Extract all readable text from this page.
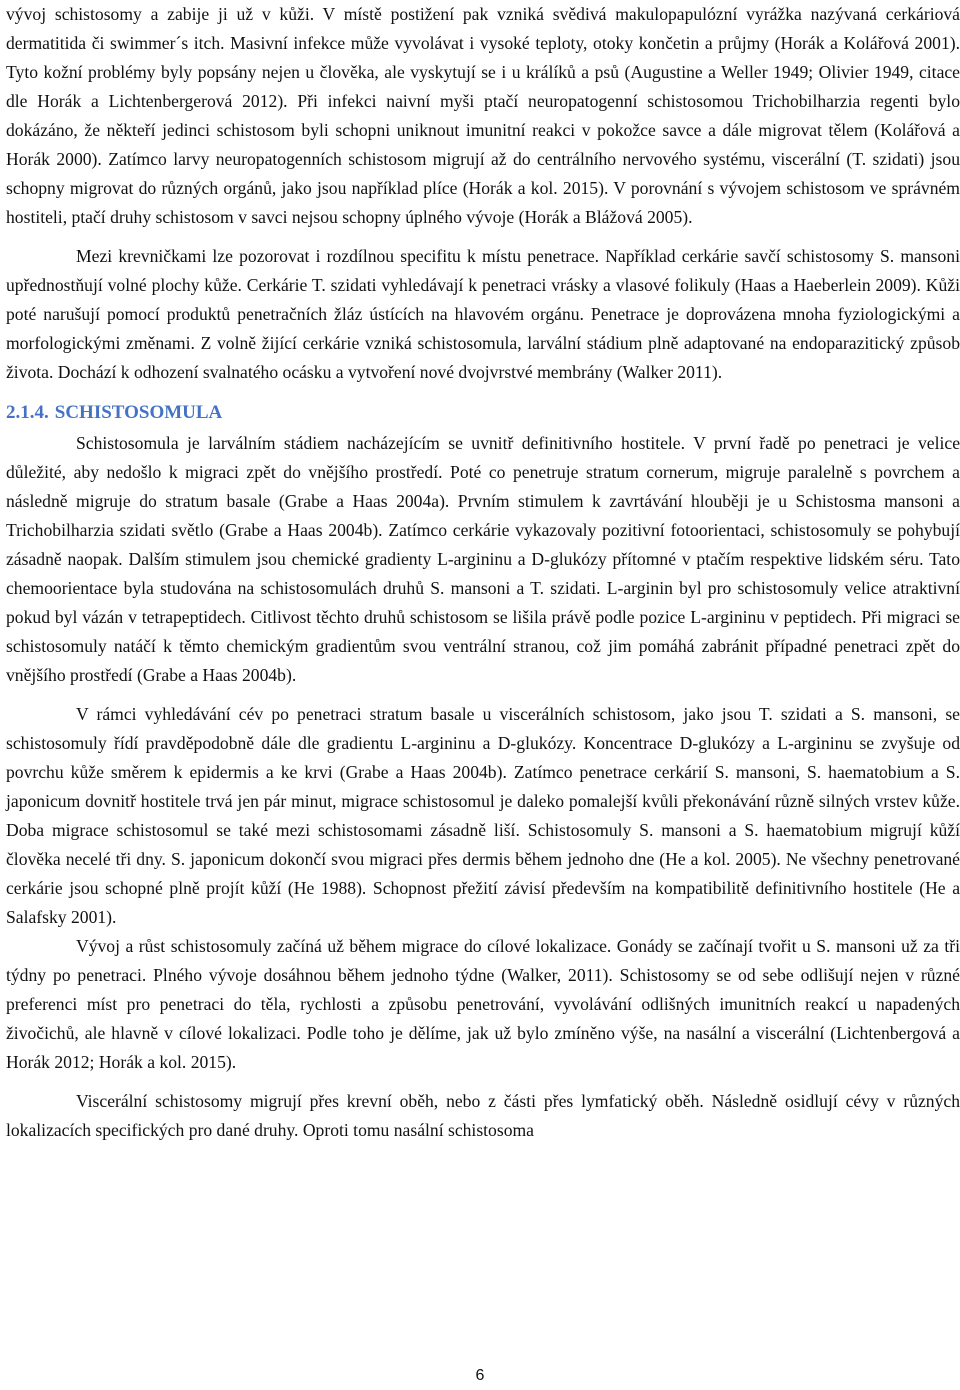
vývoj schistosomy a zabije ji už v kůži. V místě postižení pak vzniká svědivá makulopapulózní vyrážka nazývaná cerkáriová dermatitida či swimmer´s itch. Masivní infekce může vyvolávat i vysoké teploty, otoky končetin a průjmy (Horák a Kolářová 2001). Tyto kožní problémy byly popsány nejen u člověka, ale vyskytují se i u králíků a psů (Augustine a Weller 1949; Olivier 1949, citace dle Horák a Lichtenbergerová 2012). Při infekci naivní myši ptačí neuropatogenní schistosomou Trichobilharzia regenti bylo dokázáno, že někteří jedinci schistosom byli schopni uniknout imunitní reakci v pokožce savce a dále migrovat tělem (Kolářová a Horák 2000). Zatímco larvy neuropatogenních schistosom migrují až do centrálního nervového systému, viscerální (T. szidati) jsou schopny migrovat do různých orgánů, jako jsou například plíce (Horák a kol. 2015). V porovnání s vývojem schistosom ve správném hostiteli, ptačí druhy schistosom v savci nejsou schopny úplného vývoje (Horák a Blážová 2005).

Mezi krevničkami lze pozorovat i rozdílnou specifitu k místu penetrace. Například cerkárie savčí schistosomy S. mansoni upřednostňují volné plochy kůže. Cerkárie T. szidati vyhledávají k penetraci vrásky a vlasové folikuly (Haas a Haeberlein 2009). Kůži poté narušují pomocí produktů penetračních žláz ústících na hlavovém orgánu. Penetrace je doprovázena mnoha fyziologickými a morfologickými změnami. Z volně žijící cerkárie vzniká schistosomula, larvální stádium plně adaptované na endoparazitický způsob života. Dochází k odhození svalnatého ocásku a vytvoření nové dvojvrstvé membrány (Walker 2011).

2.1.4. SCHISTOSOMULA

Schistosomula je larválním stádiem nacházejícím se uvnitř definitivního hostitele. V první řadě po penetraci je velice důležité, aby nedošlo k migraci zpět do vnějšího prostředí. Poté co penetruje stratum cornerum, migruje paralelně s povrchem a následně migruje do stratum basale (Grabe a Haas 2004a). Prvním stimulem k zavrtávání hlouběji je u Schistosma mansoni a Trichobilharzia szidati světlo (Grabe a Haas 2004b). Zatímco cerkárie vykazovaly pozitivní fotoorientaci, schistosomuly se pohybují zásadně naopak. Dalším stimulem jsou chemické gradienty L-argininu a D-glukózy přítomné v ptačím respektive lidském séru. Tato chemoorientace byla studována na schistosomulách druhů S. mansoni a T. szidati. L-arginin byl pro schistosomuly velice atraktivní pokud byl vázán v tetrapeptidech. Citlivost těchto druhů schistosom se lišila právě podle pozice L-argininu v peptidech. Při migraci se schistosomuly natáčí k těmto chemickým gradientům svou ventrální stranou, což jim pomáhá zabránit případné penetraci zpět do vnějšího prostředí (Grabe a Haas 2004b).

V rámci vyhledávání cév po penetraci stratum basale u viscerálních schistosom, jako jsou T. szidati a S. mansoni, se schistosomuly řídí pravděpodobně dále dle gradientu L-argininu a D-glukózy. Koncentrace D-glukózy a L-argininu se zvyšuje od povrchu kůže směrem k epidermis a ke krvi (Grabe a Haas 2004b). Zatímco penetrace cerkárií S. mansoni, S. haematobium a S. japonicum dovnitř hostitele trvá jen pár minut, migrace schistosomul je daleko pomalejší kvůli překonávání různě silných vrstev kůže. Doba migrace schistosomul se také mezi schistosomami zásadně liší. Schistosomuly S. mansoni a S. haematobium migrují kůží člověka necelé tři dny. S. japonicum dokončí svou migraci přes dermis během jednoho dne (He a kol. 2005). Ne všechny penetrované cerkárie jsou schopné plně projít kůží (He 1988). Schopnost přežití závisí především na kompatibilitě definitivního hostitele (He a Salafsky 2001).

Vývoj a růst schistosomuly začíná už během migrace do cílové lokalizace. Gonády se začínají tvořit u S. mansoni už za tři týdny po penetraci. Plného vývoje dosáhnou během jednoho týdne (Walker, 2011). Schistosomy se od sebe odlišují nejen v různé preferenci míst pro penetraci do těla, rychlosti a způsobu penetrování, vyvolávání odlišných imunitních reakcí u napadených živočichů, ale hlavně v cílové lokalizaci. Podle toho je dělíme, jak už bylo zmíněno výše, na nasální a viscerální (Lichtenbergová a Horák 2012; Horák a kol. 2015).

Viscerální schistosomy migrují přes krevní oběh, nebo z části přes lymfatický oběh. Následně osidlují cévy v různých lokalizacích specifických pro dané druhy. Oproti tomu nasální schistosoma

6
